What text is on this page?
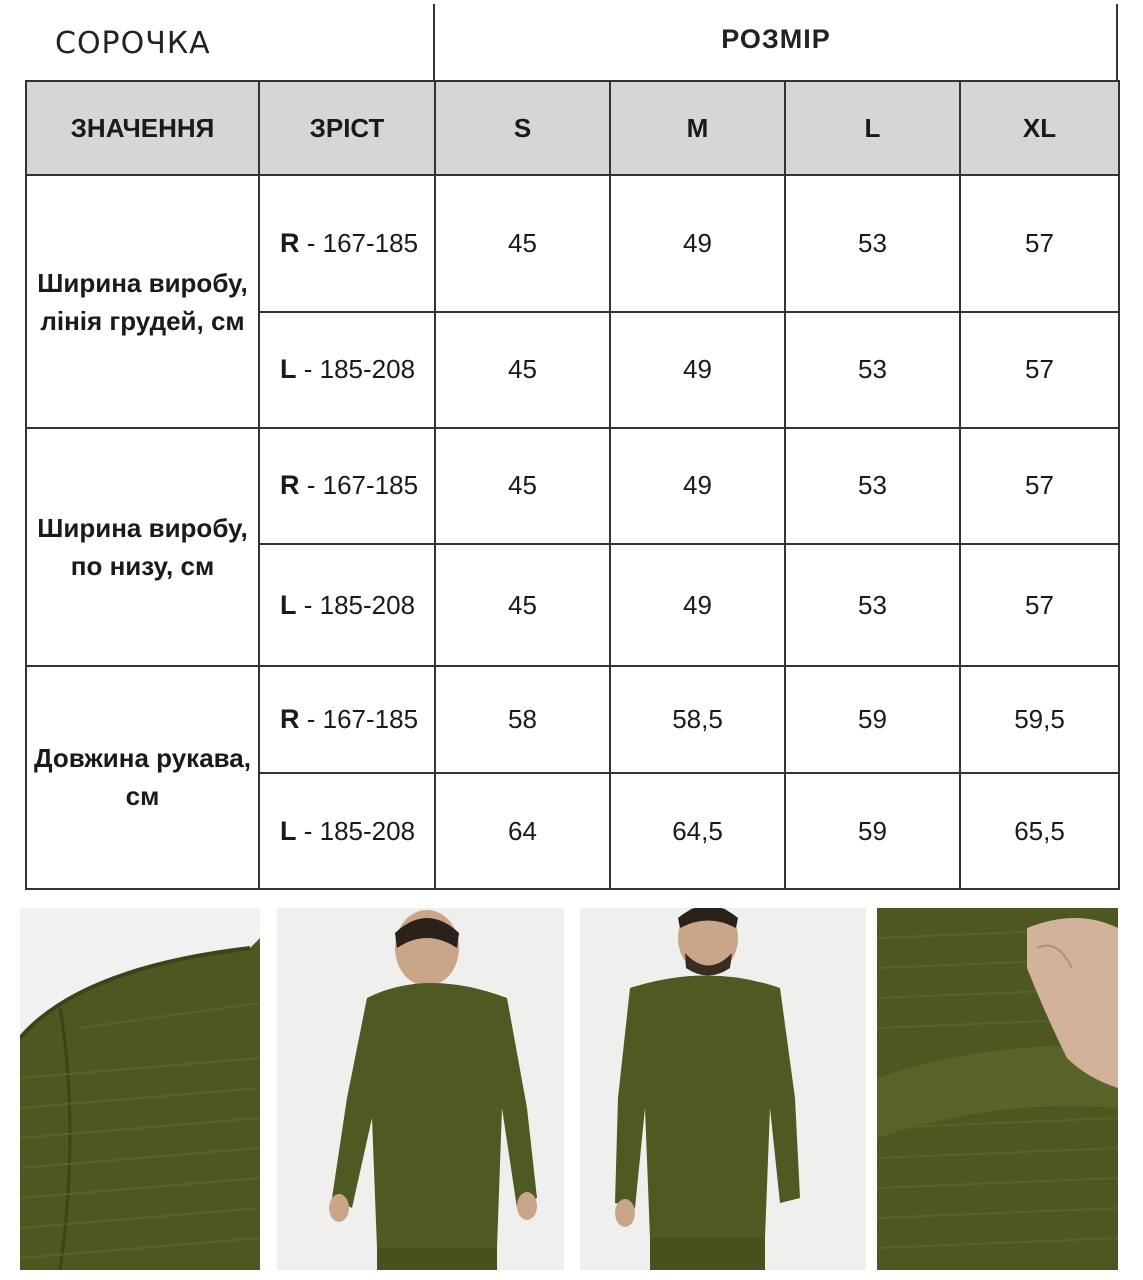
СОРОЧКА	РОЗМІР
ЗНАЧЕННЯ	ЗРІСТ	S	M	L	XL
Ширина виробу, лінія грудей, см	R - 167-185	45	49	53	57
	L - 185-208	45	49	53	57
Ширина виробу, по низу, см	R - 167-185	45	49	53	57
	L - 185-208	45	49	53	57
Довжина рукава, см	R - 167-185	58	58,5	59	59,5
	L - 185-208	64	64,5	59	65,5
